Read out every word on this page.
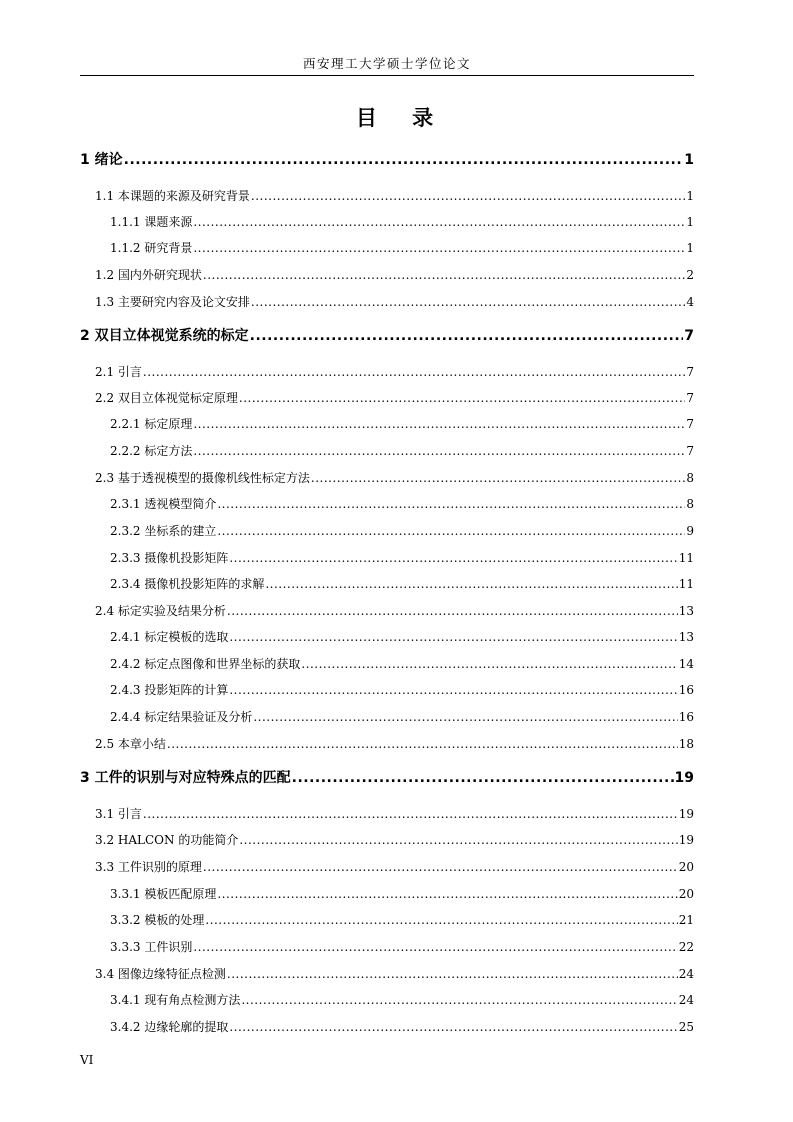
西安理工大学硕士学位论文
目 录
1 绪论 .....	1
1.1 本课题的来源及研究背景 .....	1
1.1.1 课题来源 .....	1
1.1.2 研究背景 .....	1
1.2 国内外研究现状 .....	2
1.3 主要研究内容及论文安排 .....	4
2 双目立体视觉系统的标定 .....	7
2.1 引言 .....	7
2.2 双目立体视觉标定原理 .....	7
2.2.1 标定原理 .....	7
2.2.2 标定方法 .....	7
2.3 基于透视模型的摄像机线性标定方法 .....	8
2.3.1 透视模型简介 .....	8
2.3.2 坐标系的建立 .....	9
2.3.3 摄像机投影矩阵 .....	11
2.3.4 摄像机投影矩阵的求解 .....	11
2.4 标定实验及结果分析 .....	13
2.4.1 标定模板的选取 .....	13
2.4.2 标定点图像和世界坐标的获取 .....	14
2.4.3 投影矩阵的计算 .....	16
2.4.4 标定结果验证及分析 .....	16
2.5 本章小结 .....	18
3 工件的识别与对应特殊点的匹配 .....	19
3.1 引言 .....	19
3.2 HALCON 的功能简介 .....	19
3.3 工件识别的原理 .....	20
3.3.1 模板匹配原理 .....	20
3.3.2 模板的处理 .....	21
3.3.3 工件识别 .....	22
3.4 图像边缘特征点检测 .....	24
3.4.1 现有角点检测方法 .....	24
3.4.2 边缘轮廓的提取 .....	25
VI
